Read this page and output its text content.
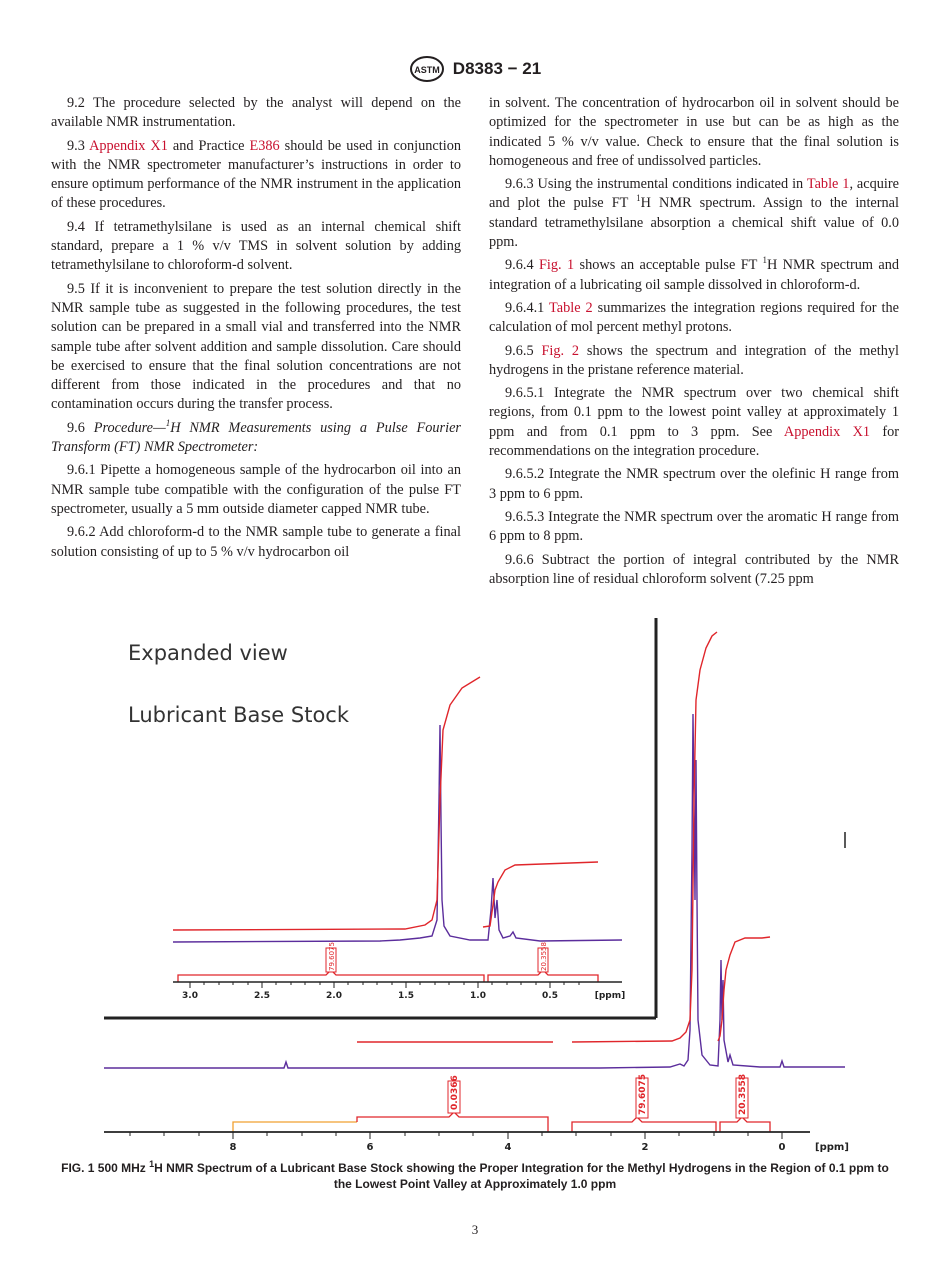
ASTM D8383 − 21

9.2 The procedure selected by the analyst will depend on the available NMR instrumentation.

9.3 Appendix X1 and Practice E386 should be used in conjunction with the NMR spectrometer manufacturer’s instructions in order to ensure optimum performance of the NMR instrument in the application of these procedures.

9.4 If tetramethylsilane is used as an internal chemical shift standard, prepare a 1 % v/v TMS in solvent solution by adding tetramethylsilane to chloroform-d solvent.

9.5 If it is inconvenient to prepare the test solution directly in the NMR sample tube as suggested in the following procedures, the test solution can be prepared in a small vial and transferred into the NMR sample tube after solvent addition and sample dissolution. Care should be exercised to ensure that the final solution concentrations are not different from those indicated in the procedures and that no contamination occurs during the transfer process.

9.6 Procedure—$^1$H NMR Measurements using a Pulse Fourier Transform (FT) NMR Spectrometer:

9.6.1 Pipette a homogeneous sample of the hydrocarbon oil into an NMR sample tube compatible with the configuration of the pulse FT spectrometer, usually a 5 mm outside diameter capped NMR tube.

9.6.2 Add chloroform-d to the NMR sample tube to generate a final solution consisting of up to 5 % v/v hydrocarbon oil

in solvent. The concentration of hydrocarbon oil in solvent should be optimized for the spectrometer in use but can be as high as the indicated 5 % v/v value. Check to ensure that the final solution is homogeneous and free of undissolved particles.

9.6.3 Using the instrumental conditions indicated in Table 1, acquire and plot the pulse FT $^1$H NMR spectrum. Assign to the internal standard tetramethylsilane absorption a chemical shift value of 0.0 ppm.

9.6.4 Fig. 1 shows an acceptable pulse FT $^1$H NMR spectrum and integration of a lubricating oil sample dissolved in chloroform-d.

9.6.4.1 Table 2 summarizes the integration regions required for the calculation of mol percent methyl protons.

9.6.5 Fig. 2 shows the spectrum and integration of the methyl hydrogens in the pristane reference material.

9.6.5.1 Integrate the NMR spectrum over two chemical shift regions, from 0.1 ppm to the lowest point valley at approximately 1 ppm and from 0.1 ppm to 3 ppm. See Appendix X1 for recommendations on the integration procedure.

9.6.5.2 Integrate the NMR spectrum over the olefinic H range from 3 ppm to 6 ppm.

9.6.5.3 Integrate the NMR spectrum over the aromatic H range from 6 ppm to 8 ppm.

9.6.6 Subtract the portion of integral contributed by the NMR absorption line of residual chloroform solvent (7.25 ppm

Expanded view
Lubricant Base Stock
79.6075	20.3558
3.0	2.5	2.0	1.5	1.0	0.5	[ppm]
0.0366	79.6075	20.3558
8	6	4	2	0	[ppm]
FIG. 1 500 MHz $^1$H NMR Spectrum of a Lubricant Base Stock showing the Proper Integration for the Methyl Hydrogens in the Region of 0.1 ppm to the Lowest Point Valley at Approximately 1.0 ppm
3
